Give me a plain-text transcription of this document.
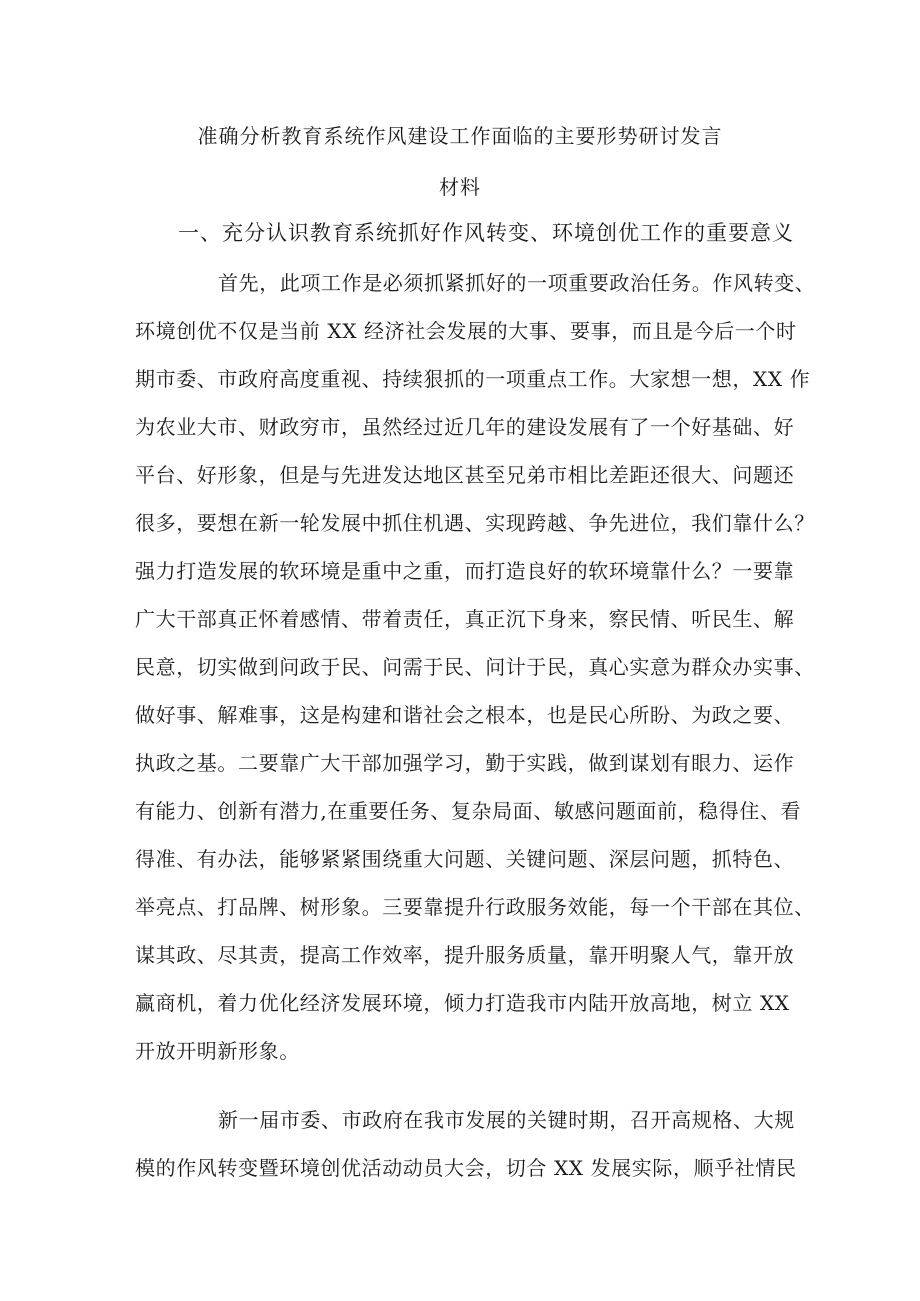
准确分析教育系统作风建设工作面临的主要形势研讨发言
材料
一、充分认识教育系统抓好作风转变、环境创优工作的重要意义
首先，此项工作是必须抓紧抓好的一项重要政治任务。作风转变、
环境创优不仅是当前 XX 经济社会发展的大事、要事，而且是今后一个时
期市委、市政府高度重视、持续狠抓的一项重点工作。大家想一想，XX 作
为农业大市、财政穷市，虽然经过近几年的建设发展有了一个好基础、好
平台、好形象，但是与先进发达地区甚至兄弟市相比差距还很大、问题还
很多，要想在新一轮发展中抓住机遇、实现跨越、争先进位，我们靠什么？
强力打造发展的软环境是重中之重，而打造良好的软环境靠什么？一要靠
广大干部真正怀着感情、带着责任，真正沉下身来，察民情、听民生、解
民意，切实做到问政于民、问需于民、问计于民，真心实意为群众办实事、
做好事、解难事，这是构建和谐社会之根本，也是民心所盼、为政之要、
执政之基。二要靠广大干部加强学习，勤于实践，做到谋划有眼力、运作
有能力、创新有潜力,在重要任务、复杂局面、敏感问题面前，稳得住、看
得准、有办法，能够紧紧围绕重大问题、关键问题、深层问题，抓特色、
举亮点、打品牌、树形象。三要靠提升行政服务效能，每一个干部在其位、
谋其政、尽其责，提高工作效率，提升服务质量，靠开明聚人气，靠开放
赢商机，着力优化经济发展环境，倾力打造我市内陆开放高地，树立 XX
开放开明新形象。
新一届市委、市政府在我市发展的关键时期，召开高规格、大规
模的作风转变暨环境创优活动动员大会，切合 XX 发展实际，顺乎社情民
